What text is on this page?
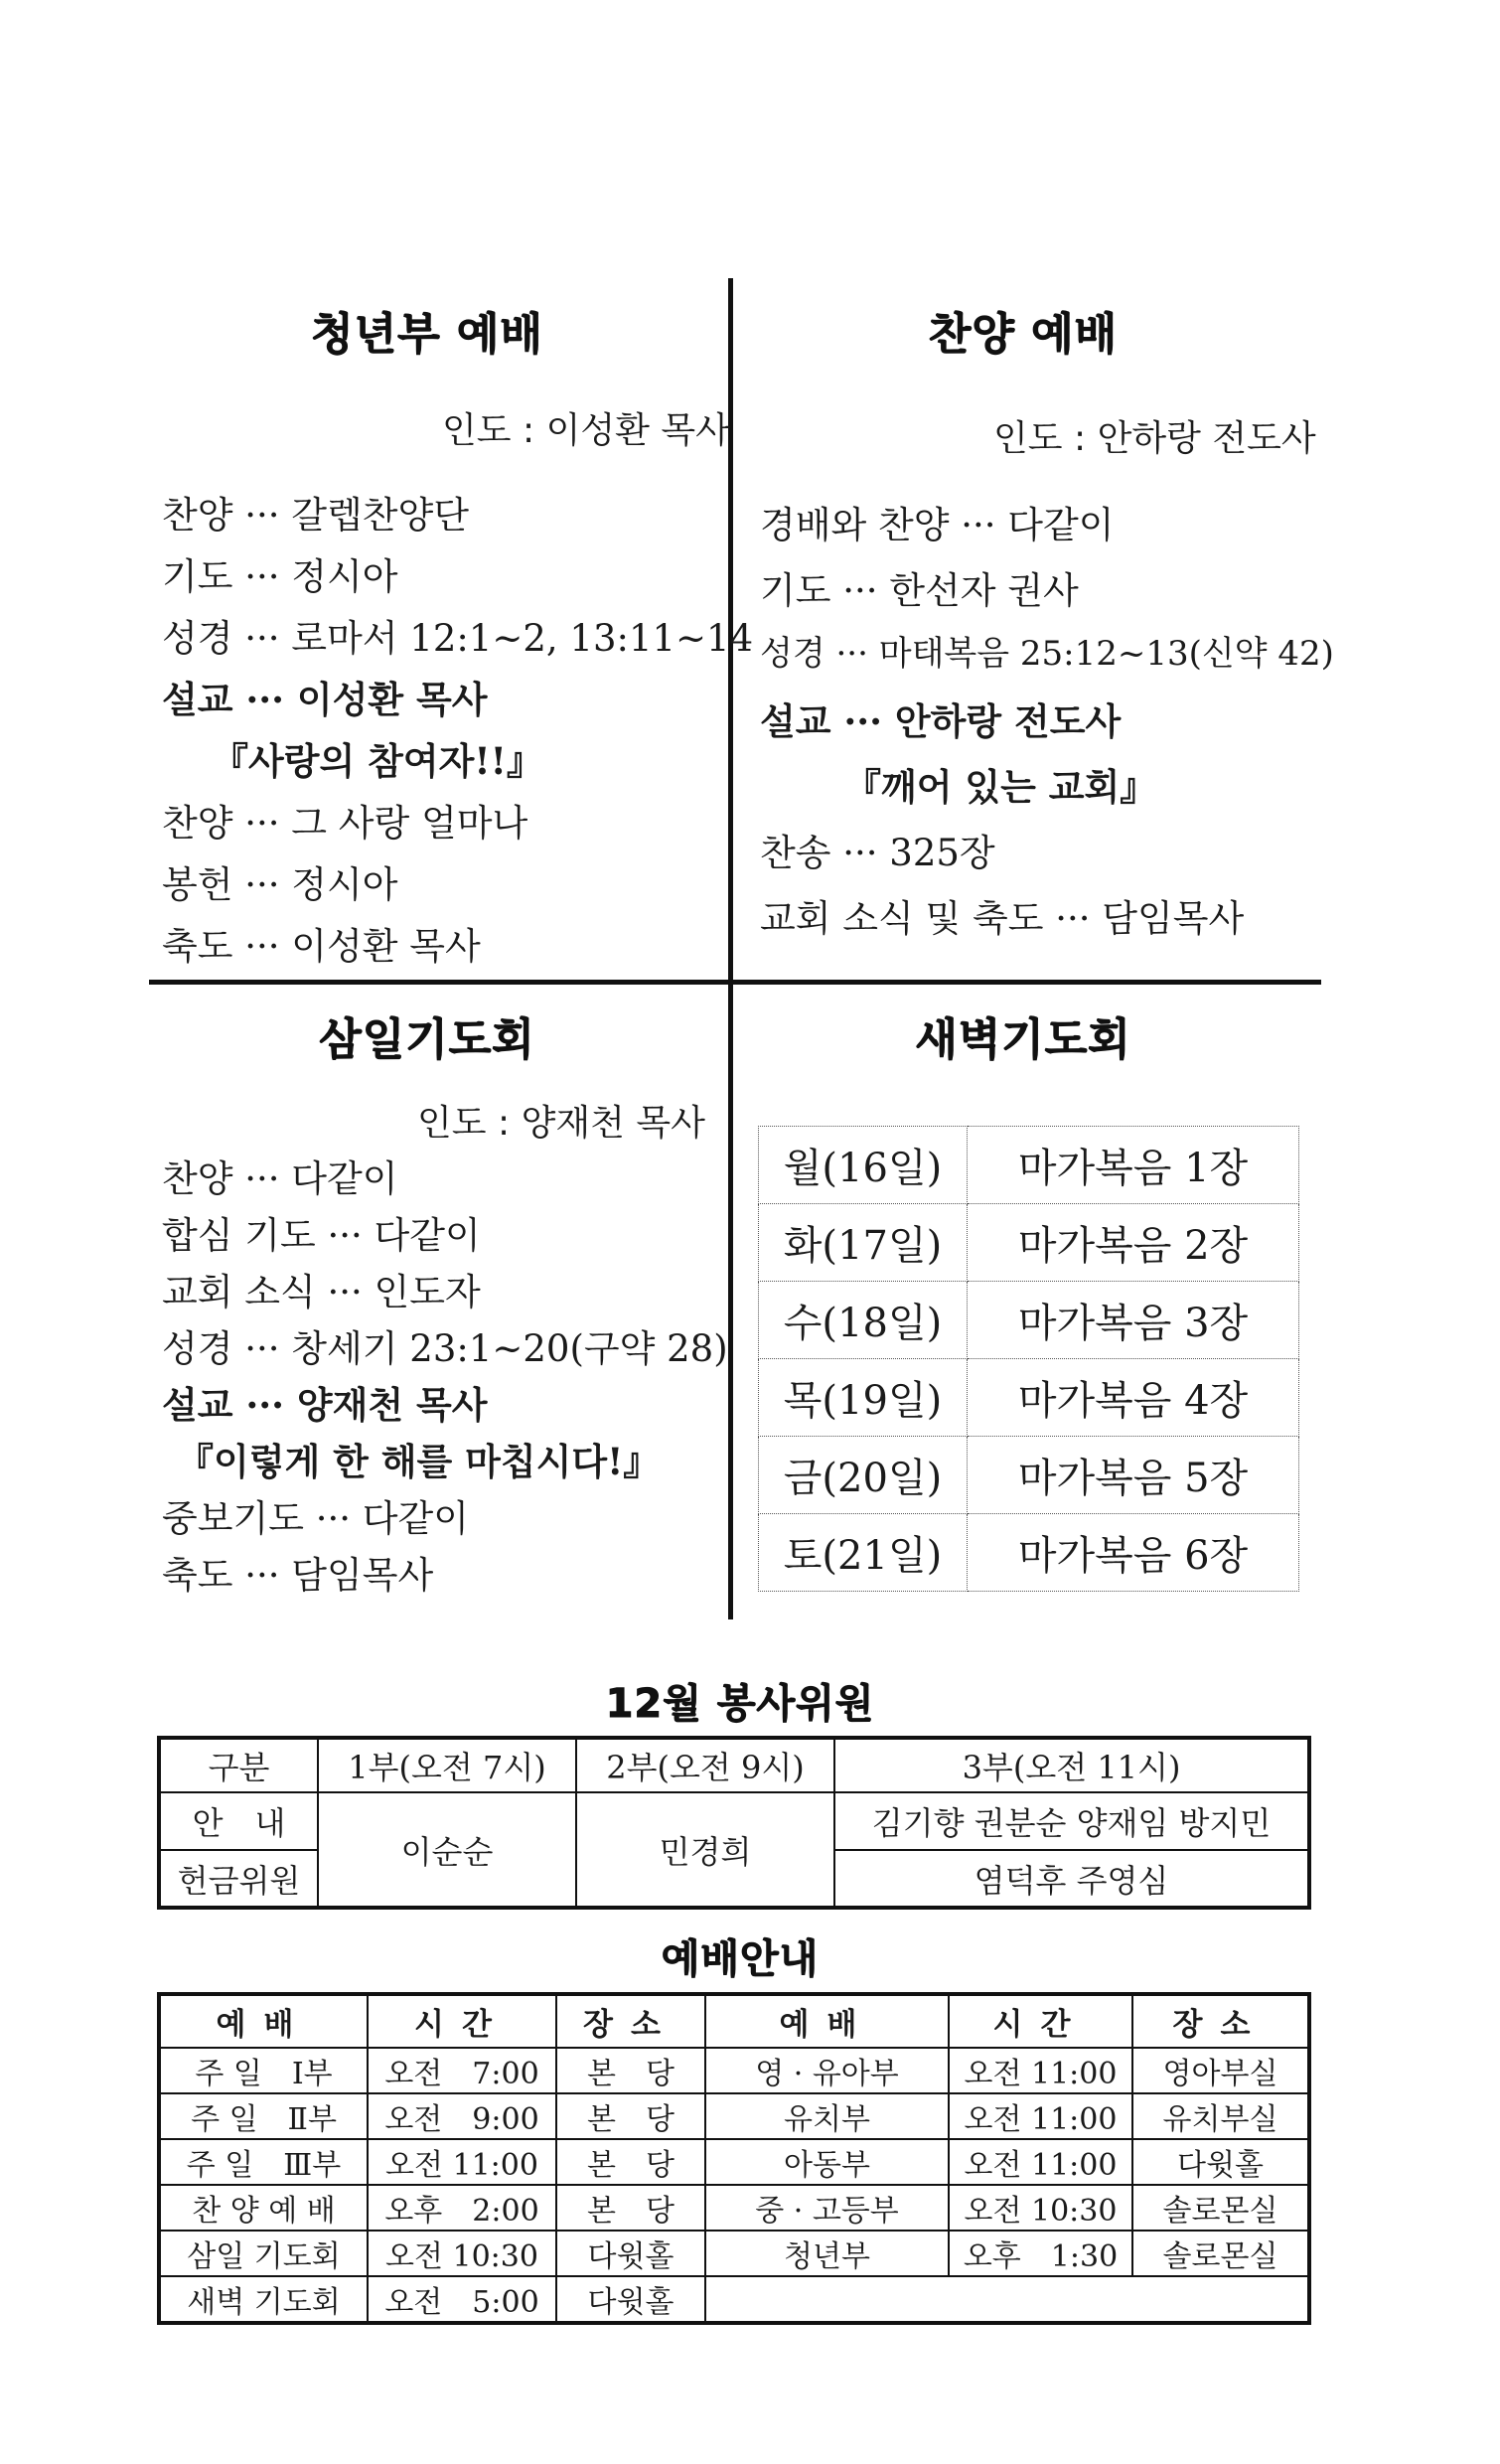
청년부 예배
인도 : 이성환 목사
찬양 ··· 갈렙찬양단
기도 ··· 정시아
성경 ··· 로마서 12:1~2, 13:11~14
설교 ··· 이성환 목사
『사랑의 참여자!!』
찬양 ··· 그 사랑 얼마나
봉헌 ··· 정시아
축도 ··· 이성환 목사
찬양 예배
인도 : 안하랑 전도사
경배와 찬양 ··· 다같이
기도 ··· 한선자 권사
성경 ··· 마태복음 25:12~13(신약 42)
설교 ··· 안하랑 전도사
『깨어 있는 교회』
찬송 ··· 325장
교회 소식 및 축도 ··· 담임목사
삼일기도회
인도 : 양재천 목사
찬양 ··· 다같이
합심 기도 ··· 다같이
교회 소식 ··· 인도자
성경 ··· 창세기 23:1~20(구약 28)
설교 ··· 양재천 목사
『이렇게 한 해를 마칩시다!』
중보기도 ··· 다같이
축도 ··· 담임목사
새벽기도회
월(16일)	마가복음 1장
화(17일)	마가복음 2장
수(18일)	마가복음 3장
목(19일)	마가복음 4장
금(20일)	마가복음 5장
토(21일)	마가복음 6장
12월 봉사위원
구분	1부(오전 7시)	2부(오전 9시)	3부(오전 11시)
안　내	이순순	민경희	김기향 권분순 양재임 방지민
헌금위원			염덕후 주영심
예배안내
예배	시간	장소	예배	시간	장소
주 일　Ⅰ부	오전　7:00	본　당	영 · 유아부	오전 11:00	영아부실
주 일　Ⅱ부	오전　9:00	본　당	유치부	오전 11:00	유치부실
주 일　Ⅲ부	오전 11:00	본　당	아동부	오전 11:00	다윗홀
찬 양 예 배	오후　2:00	본　당	중 · 고등부	오전 10:30	솔로몬실
삼일 기도회	오전 10:30	다윗홀	청년부	오후　1:30	솔로몬실
새벽 기도회	오전　5:00	다윗홀			
